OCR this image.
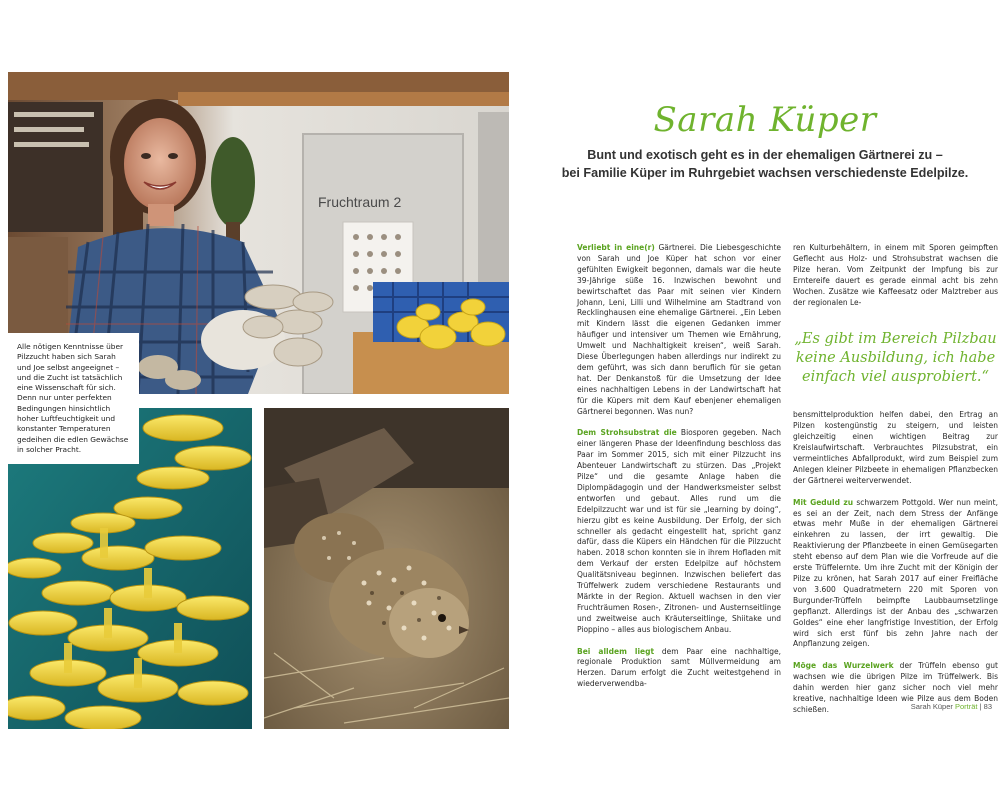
Fruchtraum 2
Alle nötigen Kenntnisse über Pilzzucht haben sich Sarah und Joe selbst angeeignet – und die Zucht ist tatsächlich eine Wissenschaft für sich. Denn nur unter perfekten Bedingungen hinsichtlich hoher Luftfeuchtigkeit und konstanter Temperaturen gedeihen die edlen Gewächse in solcher Pracht.
Sarah Küper
Bunt und exotisch geht es in der ehemaligen Gärtnerei zu –
bei Familie Küper im Ruhrgebiet wachsen verschiedenste Edelpilze.

Verliebt in eine(r) Gärtnerei. Die Liebesgeschichte von Sarah und Joe Küper hat schon vor einer gefühlten Ewigkeit begonnen, damals war die heute 39-Jährige süße 16. Inzwischen bewohnt und bewirtschaftet das Paar mit seinen vier Kindern Johann, Leni, Lilli und Wilhelmine am Stadtrand von Recklinghausen eine ehemalige Gärtnerei. „Ein Leben mit Kindern lässt die eigenen Gedanken immer häufiger und intensiver um Themen wie Ernährung, Umwelt und Nachhaltigkeit kreisen“, weiß Sarah. Diese Überlegungen haben allerdings nur indirekt zu dem geführt, was sich dann beruflich für sie getan hat. Der Denkanstoß für die Umsetzung der Idee eines nachhaltigen Lebens in der Landwirtschaft hat für die Küpers mit dem Kauf ebenjener ehemaligen Gärtnerei begonnen. Was nun?

Dem Strohsubstrat die Biosporen gegeben. Nach einer längeren Phase der Ideenfindung beschloss das Paar im Sommer 2015, sich mit einer Pilzzucht ins Abenteuer Landwirtschaft zu stürzen. Das „Projekt Pilze“ und die gesamte Anlage haben die Diplompädagogin und der Handwerksmeister selbst entworfen und gebaut. Alles rund um die Edelpilzzucht war und ist für sie „learning by doing“, hierzu gibt es keine Ausbildung. Der Erfolg, der sich schneller als gedacht eingestellt hat, spricht ganz dafür, dass die Küpers ein Händchen für die Pilzzucht haben. 2018 schon konnten sie in ihrem Hofladen mit dem Verkauf der ersten Edelpilze auf höchstem Qualitätsniveau beginnen. Inzwischen beliefert das Trüffelwerk zudem verschiedene Restaurants und Märkte in der Region. Aktuell wachsen in den vier Fruchträumen Rosen-, Zitronen- und Austernseitlinge und zweitweise auch Kräuterseitlinge, Shiitake und Pioppino – alles aus biologischem Anbau.

Bei alldem liegt dem Paar eine nachhaltige, regionale Produktion samt Müllvermeidung am Herzen. Darum erfolgt die Zucht weitestgehend in wiederverwendba-

ren Kulturbehältern, in einem mit Sporen geimpften Geflecht aus Holz- und Strohsubstrat wachsen die Pilze heran. Vom Zeitpunkt der Impfung bis zur Erntereife dauert es gerade einmal acht bis zehn Wochen. Zusätze wie Kaffeesatz oder Malztreber aus der regionalen Le-

„Es gibt im Bereich Pilzbau keine Ausbildung, ich habe einfach viel ausprobiert.“

bensmittelproduktion helfen dabei, den Ertrag an Pilzen kostengünstig zu steigern, und leisten gleichzeitig einen wichtigen Beitrag zur Kreislaufwirtschaft. Verbrauchtes Pilzsubstrat, ein vermeintliches Abfallprodukt, wird zum Beispiel zum Anlegen kleiner Pilzbeete in ehemaligen Pflanzbecken der Gärtnerei weiterverwendet.

Mit Geduld zu schwarzem Pottgold. Wer nun meint, es sei an der Zeit, nach dem Stress der Anfänge etwas mehr Muße in der ehemaligen Gärtnerei einkehren zu lassen, der irrt gewaltig. Die Reaktivierung der Pflanzbeete in einen Gemüsegarten steht ebenso auf dem Plan wie die Vorfreude auf die erste Trüffelernte. Um ihre Zucht mit der Königin der Pilze zu krönen, hat Sarah 2017 auf einer Freifläche von 3.600 Quadratmetern 220 mit Sporen von Burgunder-Trüffeln beimpfte Laubbaumsetzlinge gepflanzt. Allerdings ist der Anbau des „schwarzen Goldes“ eine eher langfristige Investition, der Erfolg wird sich erst fünf bis zehn Jahre nach der Anpflanzung zeigen.

Möge das Wurzelwerk der Trüffeln ebenso gut wachsen wie die übrigen Pilze im Trüffelwerk. Bis dahin werden hier ganz sicher noch viel mehr kreative, nachhaltige Ideen wie Pilze aus dem Boden schießen.	Sarah Küper Porträt | 83
